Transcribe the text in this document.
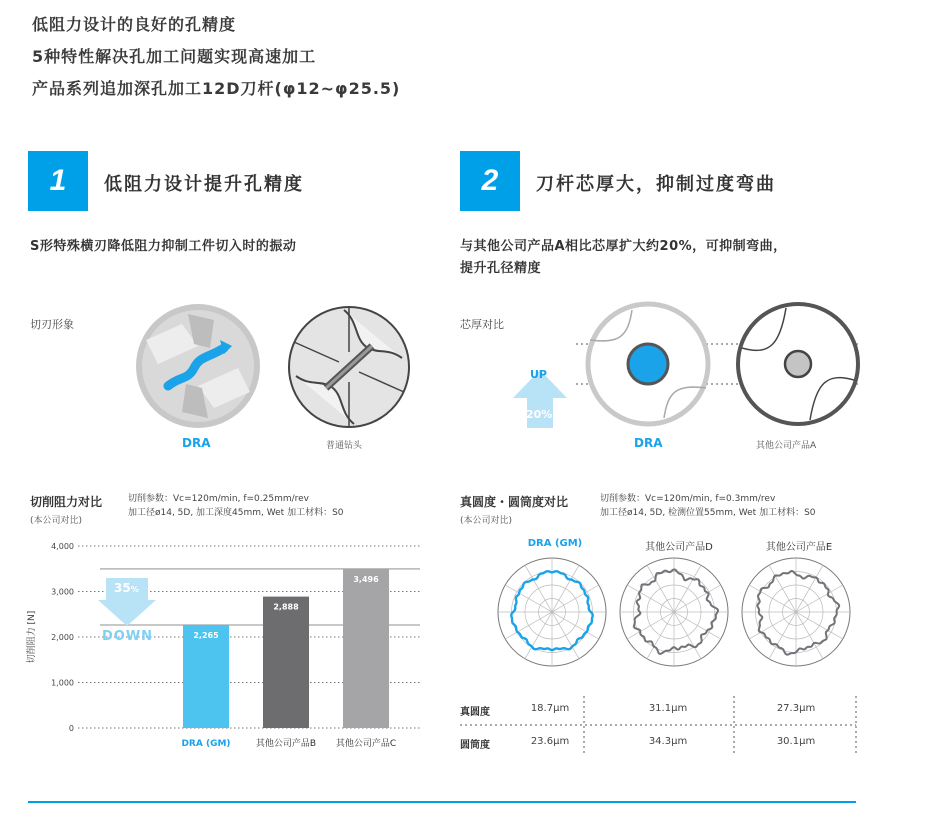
低阻力设计的良好的孔精度
5种特性解决孔加工问题实现高速加工
产品系列追加深孔加工12D刀杆(φ12~φ25.5)
1	低阻力设计提升孔精度
S形特殊横刃降低阻力抑制工件切入时的振动
切刃形象
DRA	普通钻头
2	刀杆芯厚大，抑制过度弯曲
与其他公司产品A相比芯厚扩大约20%，可抑制弯曲，
提升孔径精度
芯厚对比
UP
20%
DRA	其他公司产品A
切削阻力对比
(本公司对比)
切削参数：Vc=120m/min, f=0.25mm/rev
加工径ø14, 5D, 加工深度45mm, Wet 加工材料：S0
0
1,000
2,000
3,000
4,000
2,265
2,888
3,496
DRA (GM)	其他公司产品B 其他公司产品C
切削阻力 [N]
35%
DOWN
真圆度・圆筒度对比
(本公司对比)
切削参数：Vc=120m/min, f=0.3mm/rev
加工径ø14, 5D, 检测位置55mm, Wet 加工材料：S0
DRA (GM)	其他公司产品D	其他公司产品E
真圆度	18.7μm	31.1μm	27.3μm
圆筒度	23.6μm	34.3μm	30.1μm
